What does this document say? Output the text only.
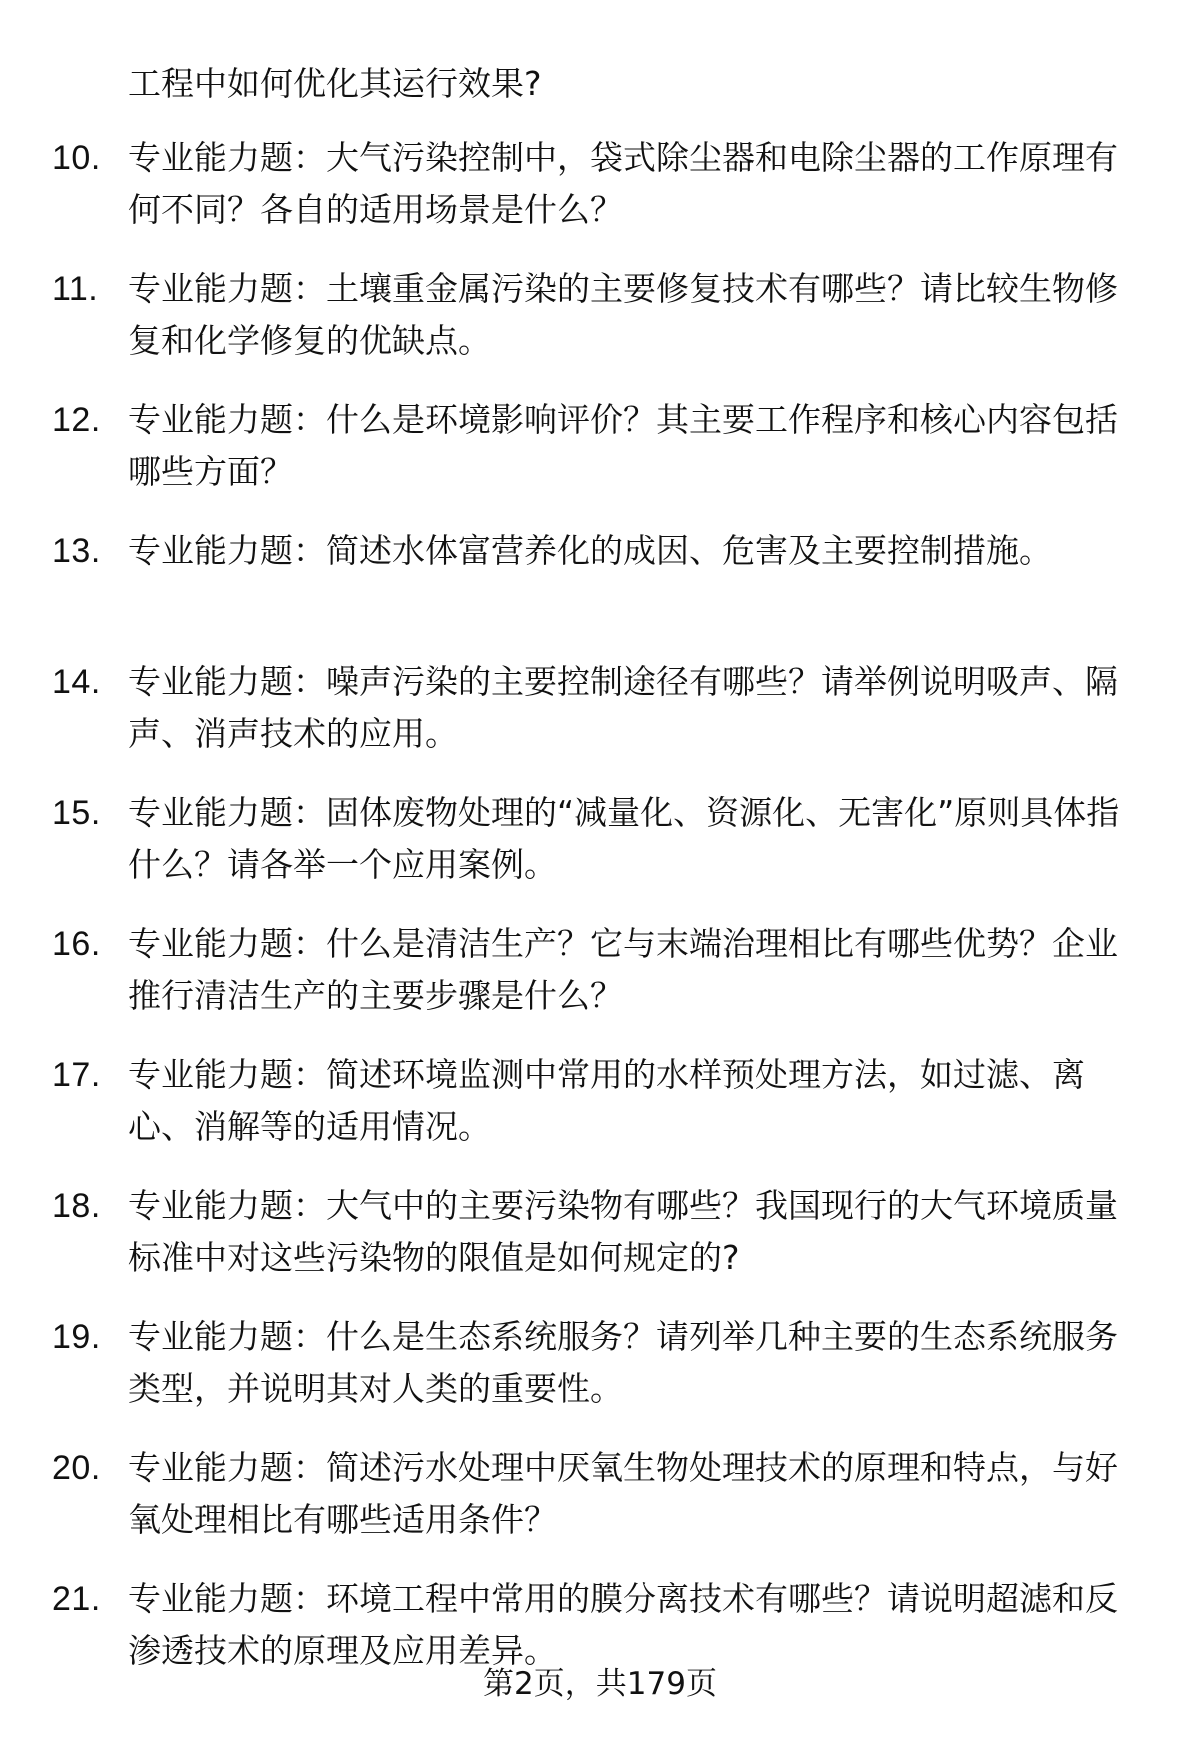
工程中如何优化其运行效果?
10. 专业能力题：大气污染控制中，袋式除尘器和电除尘器的工作原理有何不同？各自的适用场景是什么？
11. 专业能力题：土壤重金属污染的主要修复技术有哪些？请比较生物修复和化学修复的优缺点。
12. 专业能力题：什么是环境影响评价？其主要工作程序和核心内容包括哪些方面？
13. 专业能力题：简述水体富营养化的成因、危害及主要控制措施。
14. 专业能力题：噪声污染的主要控制途径有哪些？请举例说明吸声、隔声、消声技术的应用。
15. 专业能力题：固体废物处理的“减量化、资源化、无害化”原则具体指什么？请各举一个应用案例。
16. 专业能力题：什么是清洁生产？它与末端治理相比有哪些优势？企业推行清洁生产的主要步骤是什么？
17. 专业能力题：简述环境监测中常用的水样预处理方法，如过滤、离心、消解等的适用情况。
18. 专业能力题：大气中的主要污染物有哪些？我国现行的大气环境质量标准中对这些污染物的限值是如何规定的?
19. 专业能力题：什么是生态系统服务？请列举几种主要的生态系统服务类型，并说明其对人类的重要性。
20. 专业能力题：简述污水处理中厌氧生物处理技术的原理和特点，与好氧处理相比有哪些适用条件？
21. 专业能力题：环境工程中常用的膜分离技术有哪些？请说明超滤和反渗透技术的原理及应用差异。
第2页，共179页
